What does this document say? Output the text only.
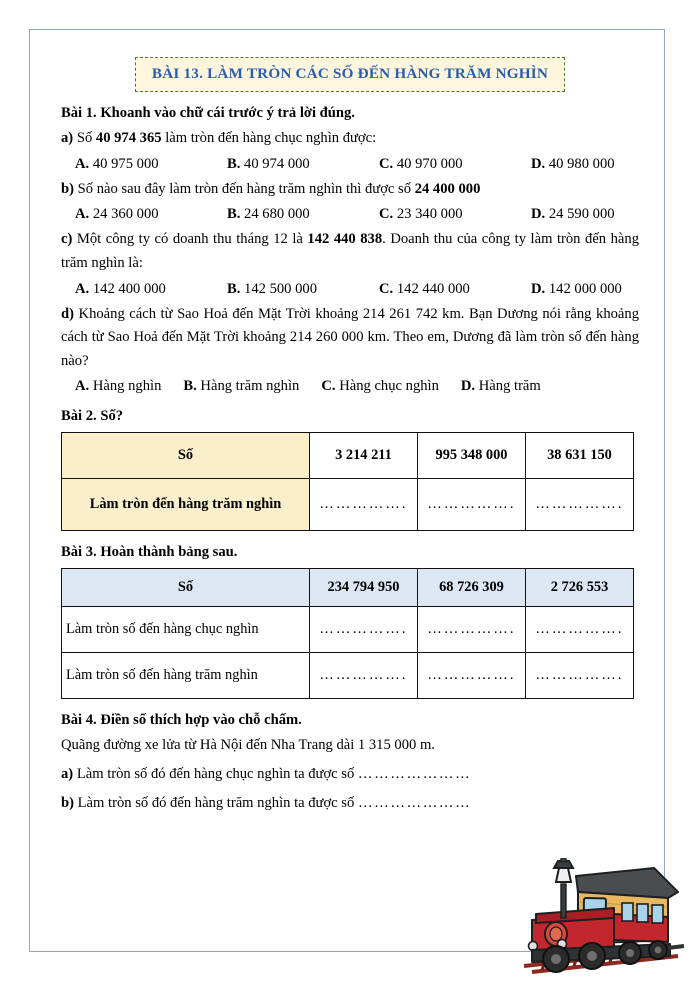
BÀI 13. LÀM TRÒN CÁC SỐ ĐẾN HÀNG TRĂM NGHÌN
Bài 1. Khoanh vào chữ cái trước ý trả lời đúng.
a) Số 40 974 365 làm tròn đến hàng chục nghìn được:
A. 40 975 000	B. 40 974 000	C. 40 970 000	D. 40 980 000
b) Số nào sau đây làm tròn đến hàng trăm nghìn thì được số 24 400 000
A. 24 360 000	B. 24 680 000	C. 23 340 000	D. 24 590 000
c) Một công ty có doanh thu tháng 12 là 142 440 838. Doanh thu của công ty làm tròn đến hàng trăm nghìn là:
A. 142 400 000	B. 142 500 000	C. 142 440 000	D. 142 000 000
d) Khoảng cách từ Sao Hoả đến Mặt Trời khoảng 214 261 742 km. Bạn Dương nói rằng khoảng cách từ Sao Hoả đến Mặt Trời khoảng 214 260 000 km. Theo em, Dương đã làm tròn số đến hàng nào?
A. Hàng nghìn B. Hàng trăm nghìn C. Hàng chục nghìn D. Hàng trăm
Bài 2. Số?
Số	3 214 211	995 348 000	38 631 150
Làm tròn đến hàng trăm nghìn	…………….	…………….	…………….
Bài 3. Hoàn thành bảng sau.
Số	234 794 950	68 726 309	2 726 553
Làm tròn số đến hàng chục nghìn	…………….	…………….	…………….
Làm tròn số đến hàng trăm nghìn	…………….	…………….	…………….
Bài 4. Điền số thích hợp vào chỗ chấm.
Quãng đường xe lửa từ Hà Nội đến Nha Trang dài 1 315 000 m.
a) Làm tròn số đó đến hàng chục nghìn ta được số …………………
b) Làm tròn số đó đến hàng trăm nghìn ta được số …………………
